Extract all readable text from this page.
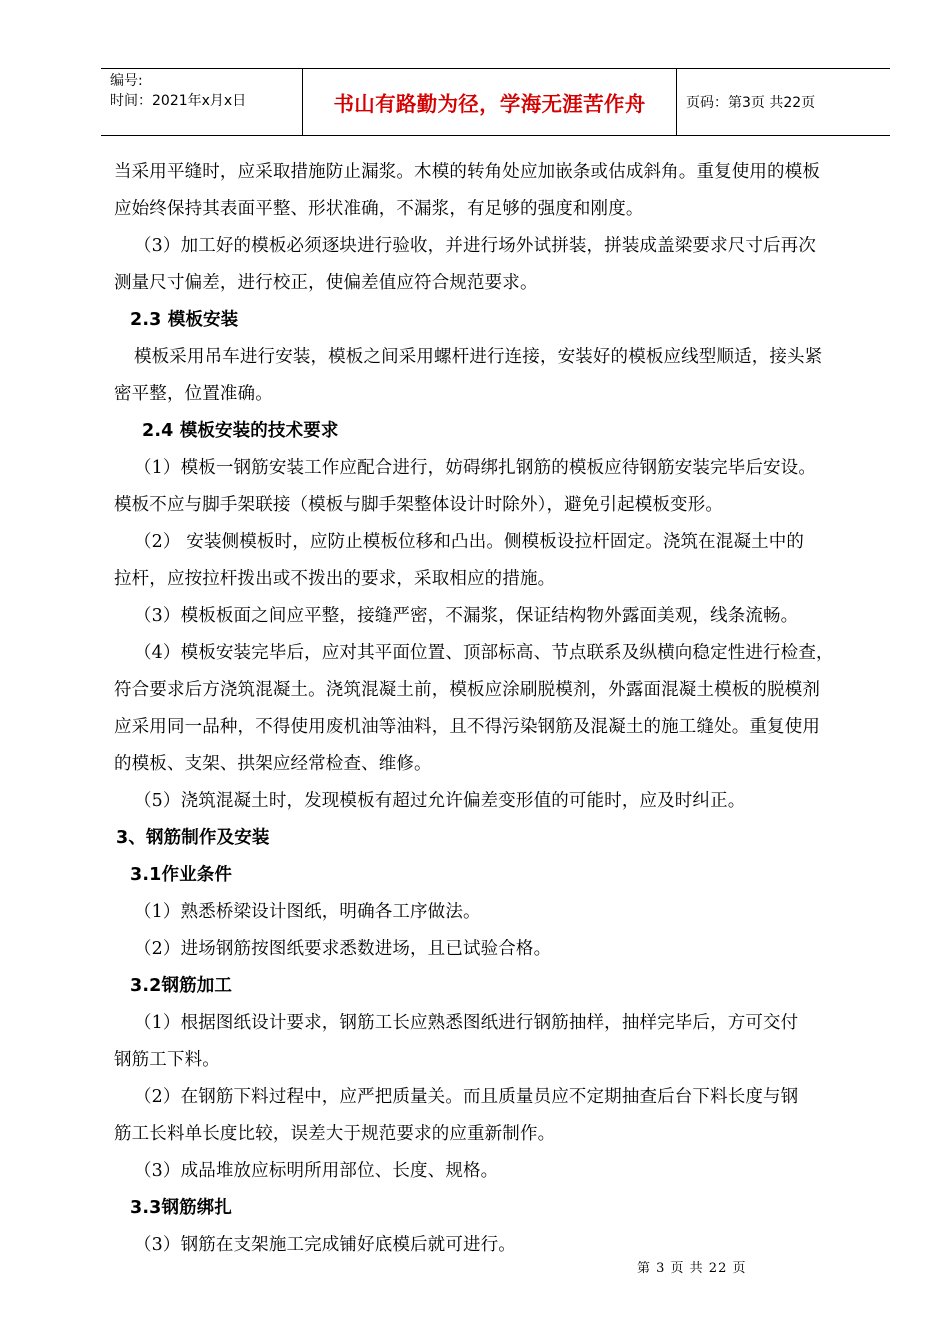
编号:
时间：2021年x月x日	书山有路勤为径，学海无涯苦作舟	页码：第3页 共22页

当采用平缝时，应采取措施防止漏浆。木模的转角处应加嵌条或估成斜角。重复使用的模板

应始终保持其表面平整、形状准确，不漏浆，有足够的强度和刚度。

（3）加工好的模板必须逐块进行验收，并进行场外试拼装，拼装成盖梁要求尺寸后再次

测量尺寸偏差，进行校正，使偏差值应符合规范要求。

2.3 模板安装

模板采用吊车进行安装，模板之间采用螺杆进行连接，安装好的模板应线型顺适，接头紧

密平整，位置准确。

2.4 模板安装的技术要求

（1）模板一钢筋安装工作应配合进行，妨碍绑扎钢筋的模板应待钢筋安装完毕后安设。

模板不应与脚手架联接（模板与脚手架整体设计时除外），避免引起模板变形。

（2） 安装侧模板时，应防止模板位移和凸出。侧模板设拉杆固定。浇筑在混凝土中的

拉杆，应按拉杆拨出或不拨出的要求，采取相应的措施。

（3）模板板面之间应平整，接缝严密，不漏浆，保证结构物外露面美观，线条流畅。

（4）模板安装完毕后，应对其平面位置、顶部标高、节点联系及纵横向稳定性进行检查，

符合要求后方浇筑混凝土。浇筑混凝土前，模板应涂刷脱模剂，外露面混凝土模板的脱模剂

应采用同一品种，不得使用废机油等油料，且不得污染钢筋及混凝土的施工缝处。重复使用

的模板、支架、拱架应经常检查、维修。

（5）浇筑混凝土时，发现模板有超过允许偏差变形值的可能时，应及时纠正。

3、钢筋制作及安装

3.1作业条件

（1）熟悉桥梁设计图纸，明确各工序做法。

（2）进场钢筋按图纸要求悉数进场，且已试验合格。

3.2钢筋加工

（1）根据图纸设计要求，钢筋工长应熟悉图纸进行钢筋抽样，抽样完毕后，方可交付

钢筋工下料。

（2）在钢筋下料过程中，应严把质量关。而且质量员应不定期抽查后台下料长度与钢

筋工长料单长度比较，误差大于规范要求的应重新制作。

（3）成品堆放应标明所用部位、长度、规格。

3.3钢筋绑扎

（3）钢筋在支架施工完成铺好底模后就可进行。

第 3 页 共 22 页
